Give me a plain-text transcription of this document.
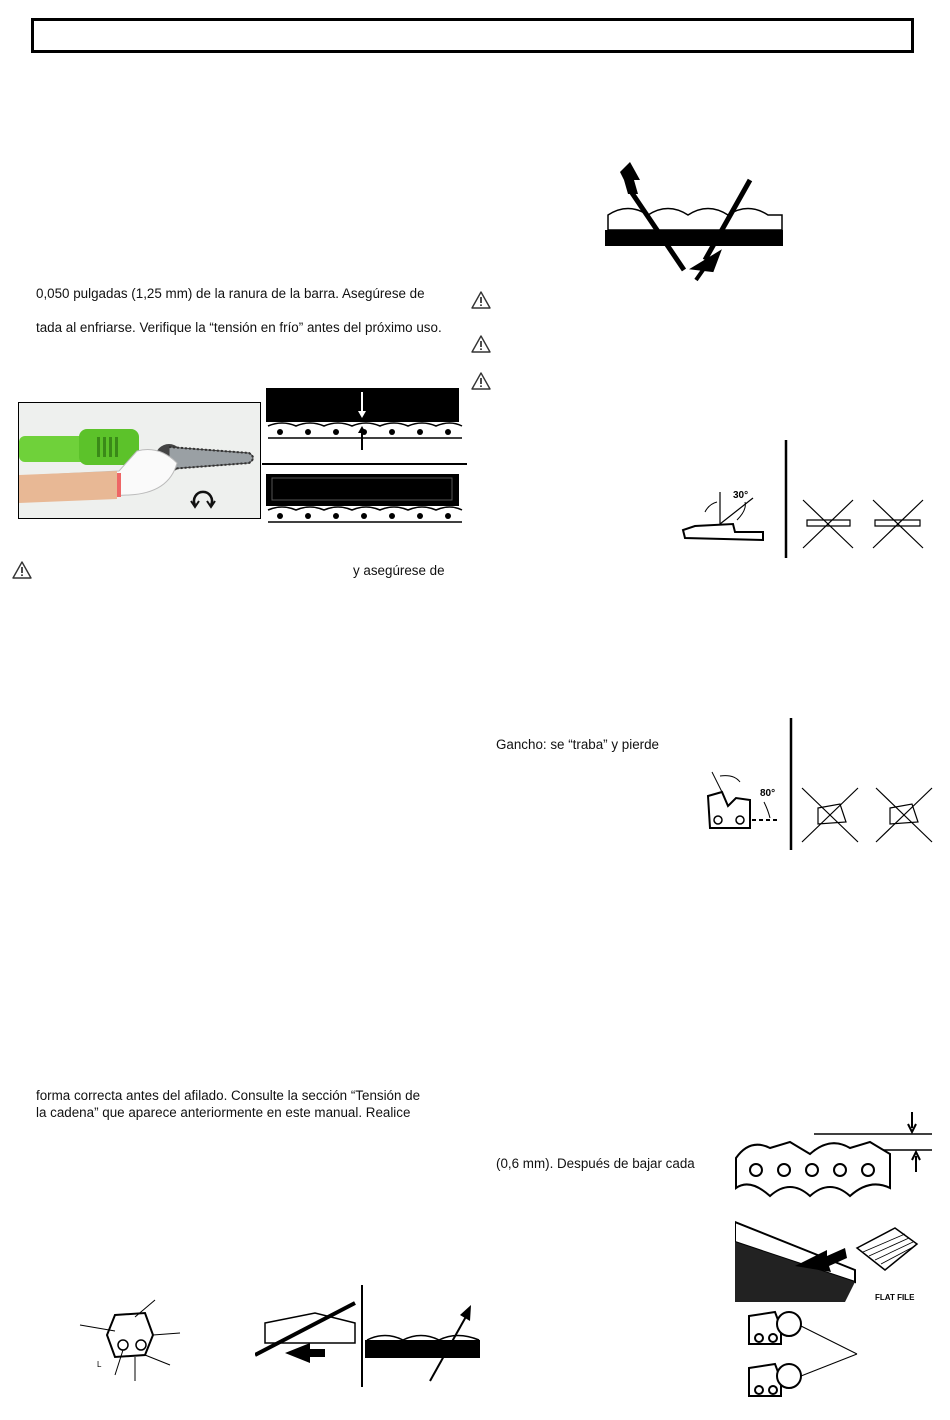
0,050 pulgadas (1,25 mm) de la ranura de la barra. Asegúrese de
tada al enfriarse. Verifique la “tensión en frío” antes del próximo uso.
y asegúrese de
forma correcta antes del afilado. Consulte la sección “Tensión de
la cadena” que aparece anteriormente en este manual. Realice
L
30°
Gancho: se “traba” y pierde
80°
(0,6 mm). Después de bajar cada
FLAT FILE
